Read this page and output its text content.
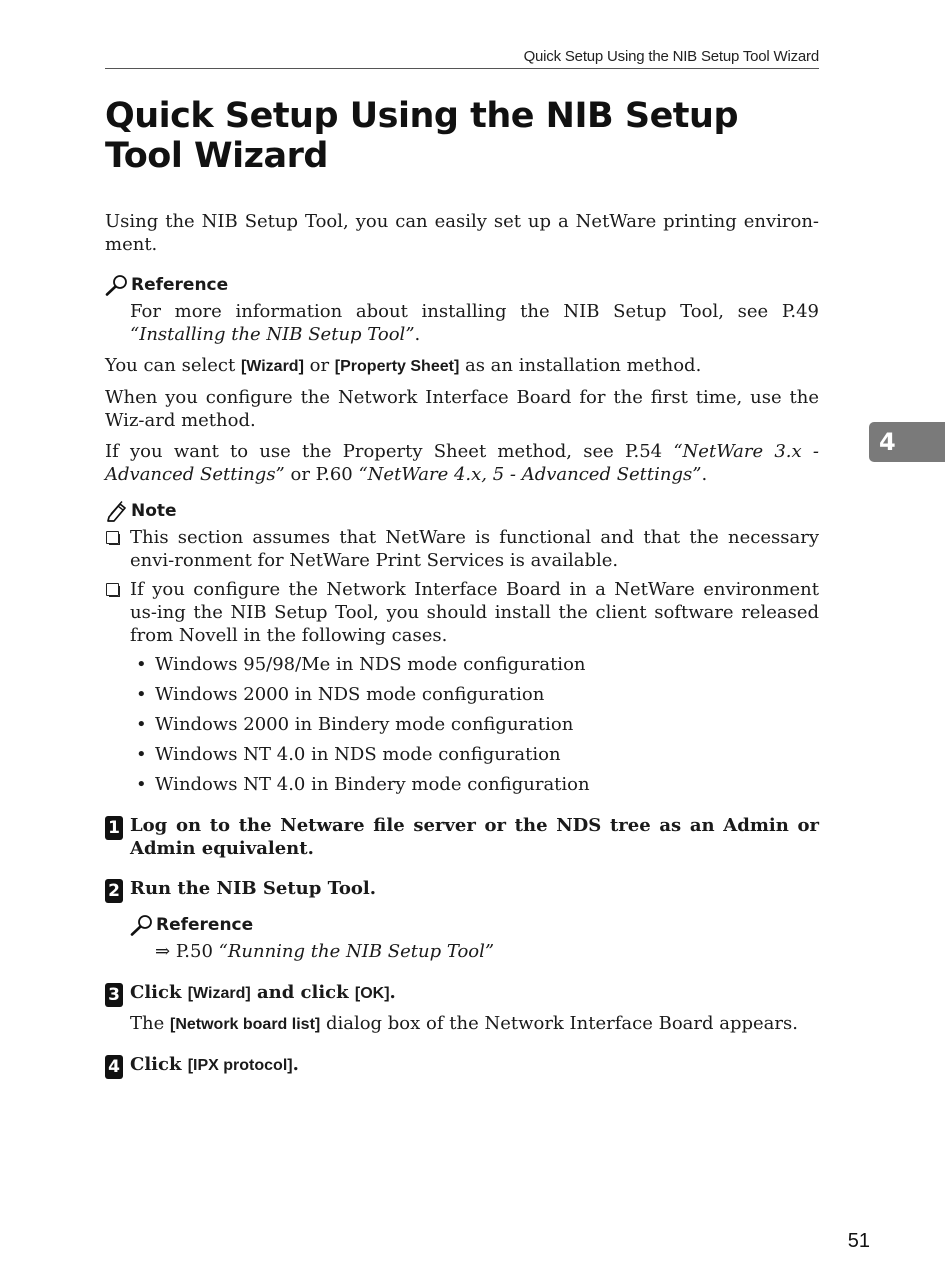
Quick Setup Using the NIB Setup Tool Wizard
Quick Setup Using the NIB Setup Tool Wizard
4

Using the NIB Setup Tool, you can easily set up a NetWare printing environ-ment.

Reference

For more information about installing the NIB Setup Tool, see P.49 “Installing the NIB Setup Tool”.

You can select [Wizard] or [Property Sheet] as an installation method.

When you configure the Network Interface Board for the first time, use the Wiz-ard method.

If you want to use the Property Sheet method, see P.54 “NetWare 3.x - Advanced Settings” or P.60 “NetWare 4.x, 5 - Advanced Settings”.

Note
This section assumes that NetWare is functional and that the necessary envi-ronment for NetWare Print Services is available.
If you configure the Network Interface Board in a NetWare environment us-ing the NIB Setup Tool, you should install the client software released from Novell in the following cases.
• Windows 95/98/Me in NDS mode configuration
• Windows 2000 in NDS mode configuration
• Windows 2000 in Bindery mode configuration
• Windows NT 4.0 in NDS mode configuration
• Windows NT 4.0 in Bindery mode configuration
1 Log on to the Netware file server or the NDS tree as an Admin or Admin equivalent.

2 Run the NIB Setup Tool.

Reference

⇒ P.50 “Running the NIB Setup Tool”

3 Click [Wizard] and click [OK].

The [Network board list] dialog box of the Network Interface Board appears.

4 Click [IPX protocol].

51
